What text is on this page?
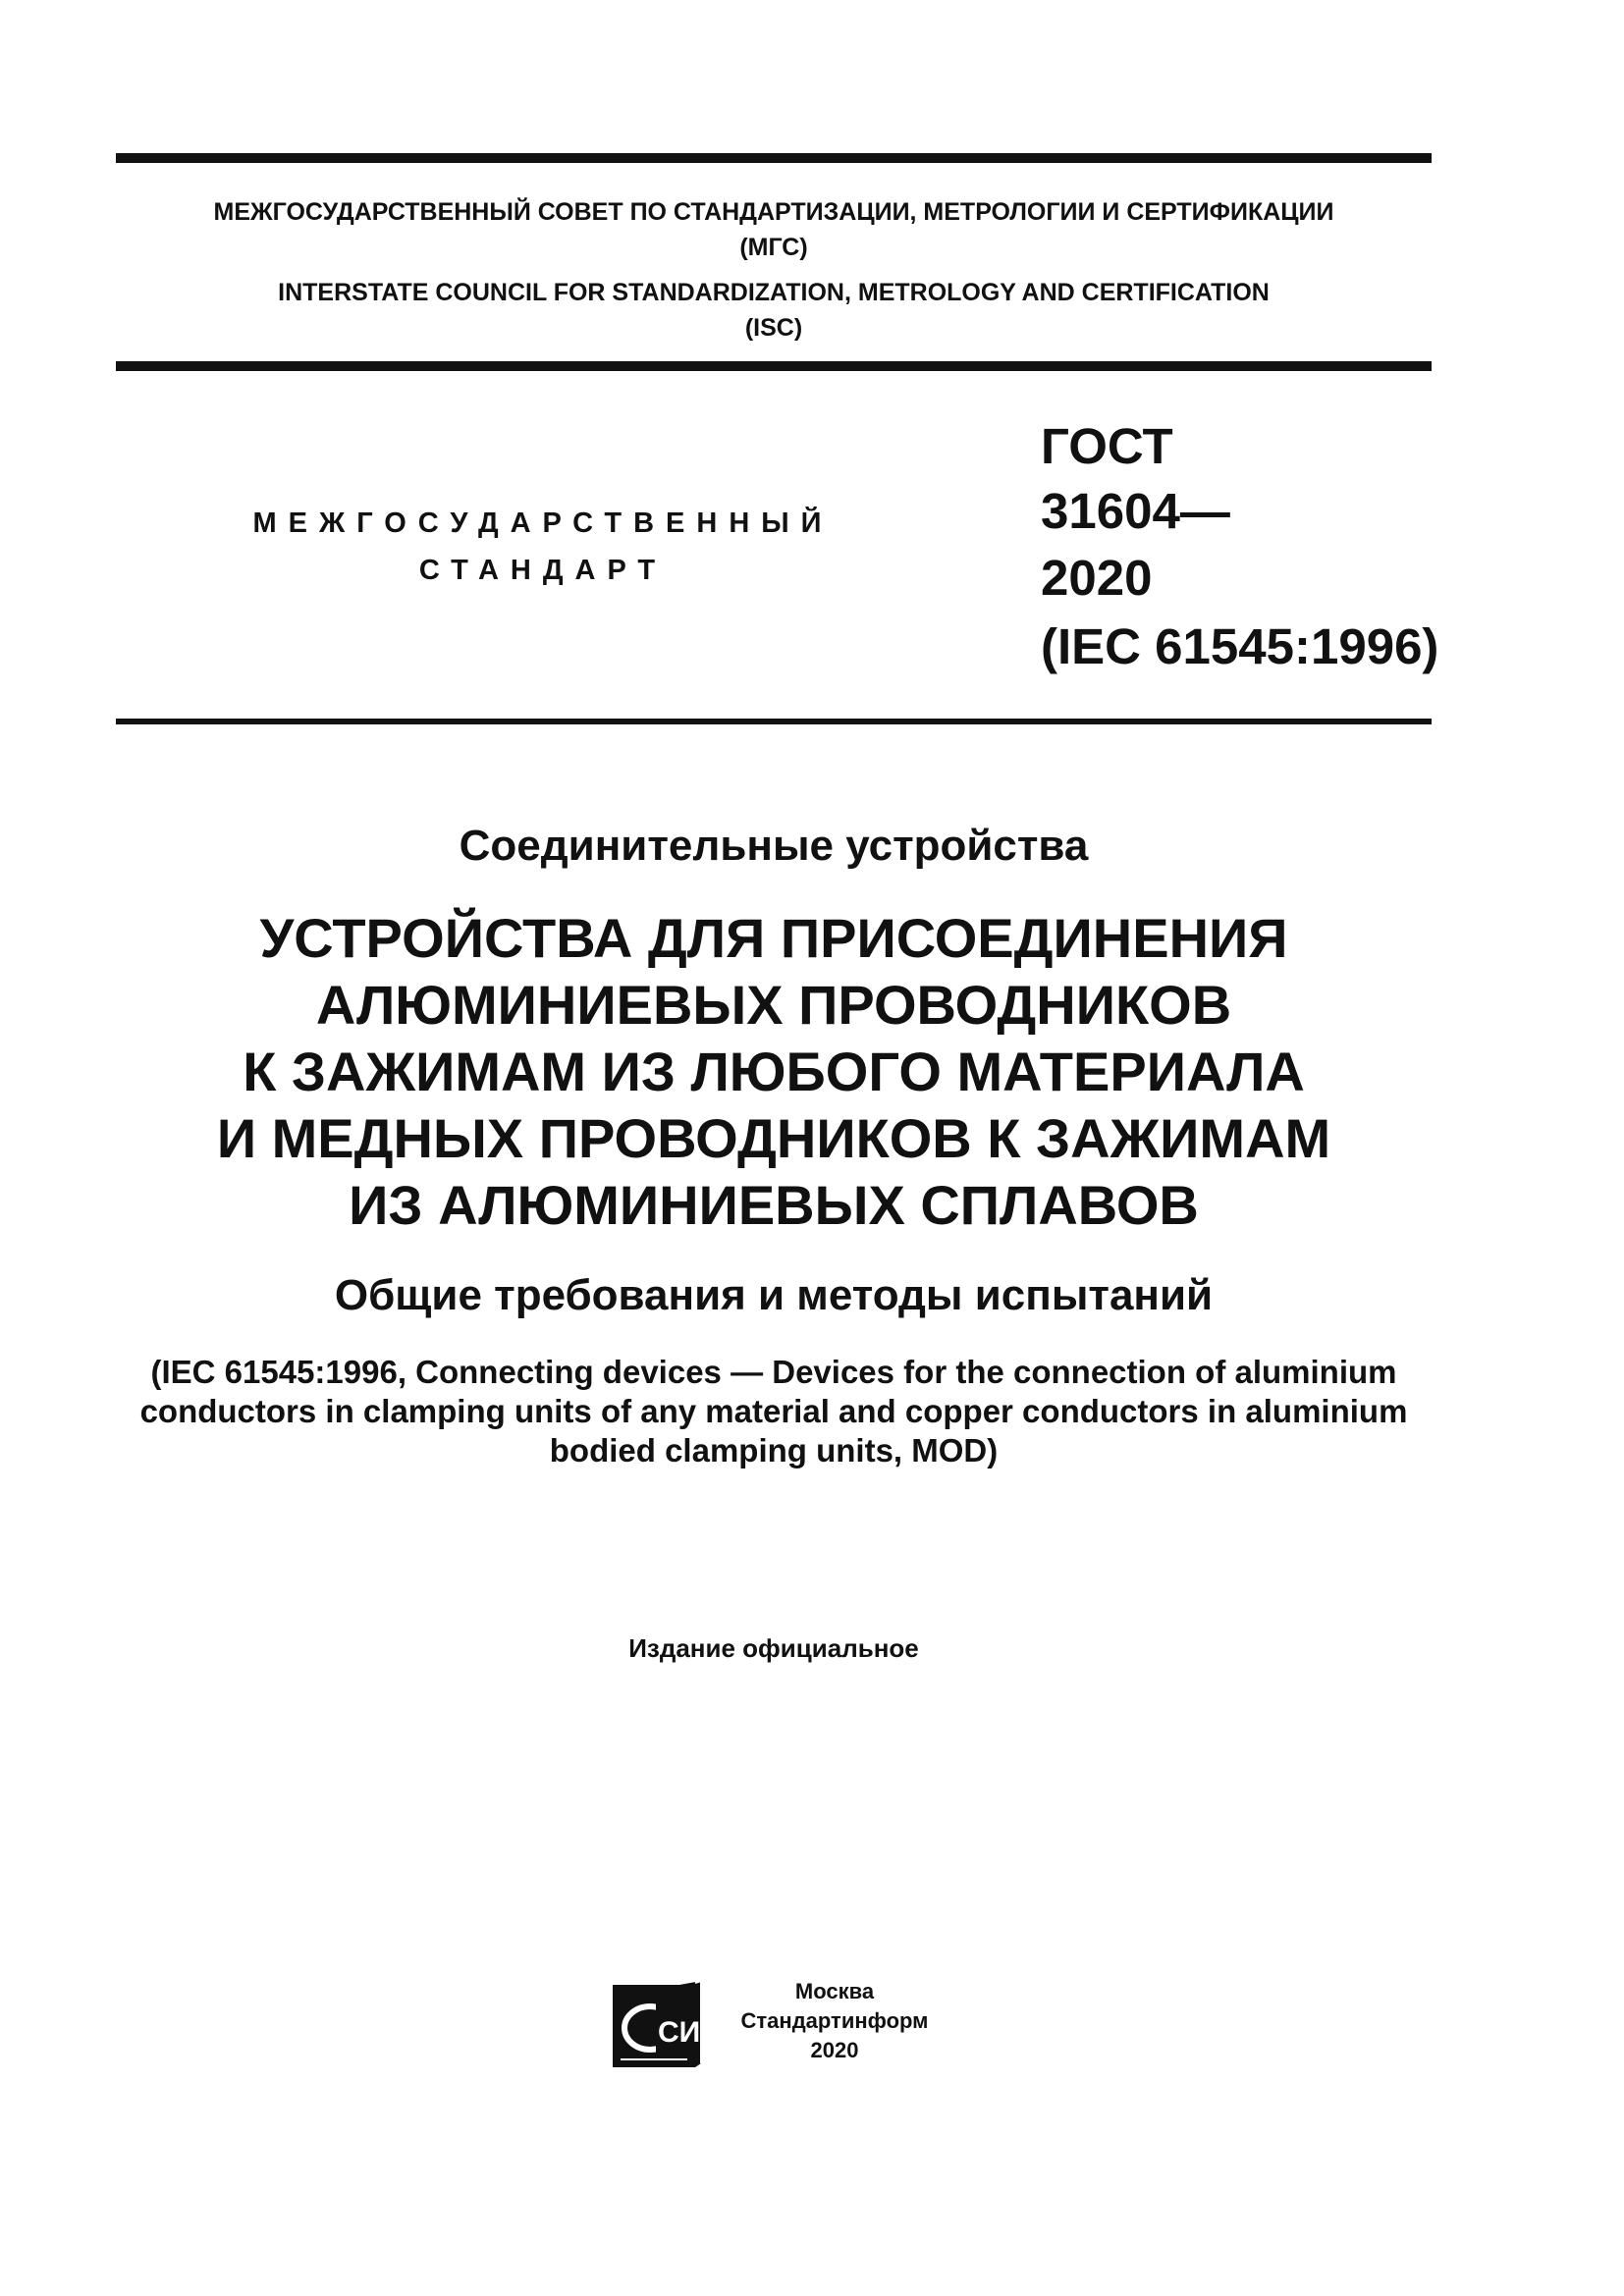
МЕЖГОСУДАРСТВЕННЫЙ СОВЕТ ПО СТАНДАРТИЗАЦИИ, МЕТРОЛОГИИ И СЕРТИФИКАЦИИ
(МГС)
INTERSTATE COUNCIL FOR STANDARDIZATION, METROLOGY AND CERTIFICATION
(ISC)
МЕЖГОСУДАРСТВЕННЫЙ
СТАНДАРТ
ГОСТ
31604—
2020
(IEC 61545:1996)
Соединительные устройства
УСТРОЙСТВА ДЛЯ ПРИСОЕДИНЕНИЯ
АЛЮМИНИЕВЫХ ПРОВОДНИКОВ
К ЗАЖИМАМ ИЗ ЛЮБОГО МАТЕРИАЛА
И МЕДНЫХ ПРОВОДНИКОВ К ЗАЖИМАМ
ИЗ АЛЮМИНИЕВЫХ СПЛАВОВ
Общие требования и методы испытаний
(IEC 61545:1996, Connecting devices — Devices for the connection of aluminium
conductors in clamping units of any material and copper conductors in aluminium
bodied clamping units, MOD)
Издание официальное
СИ
Москва
Стандартинформ
2020
